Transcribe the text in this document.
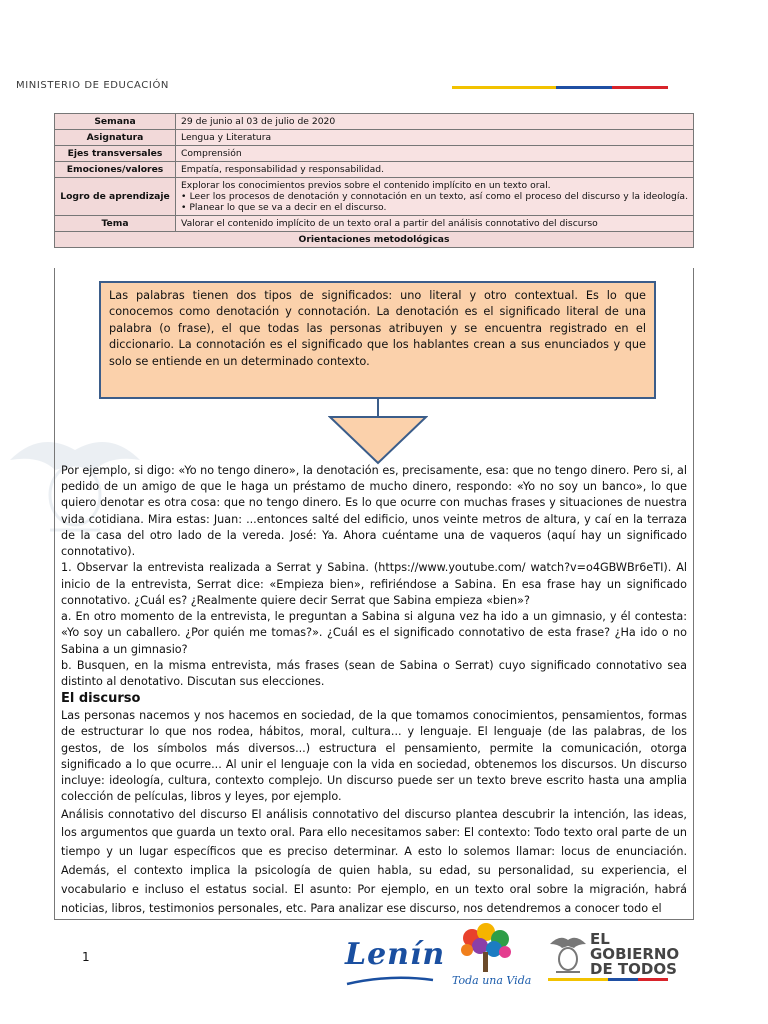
MINISTERIO DE EDUCACIÓN
Semana	29 de junio al 03 de julio de 2020
Asignatura	Lengua y Literatura
Ejes transversales	Comprensión
Emociones/valores	Empatía, responsabilidad y responsabilidad.
Logro de aprendizaje	Explorar los conocimientos previos sobre el contenido implícito en un texto oral.
• Leer los procesos de denotación y connotación en un texto, así como el proceso del discurso y la ideología. • Planear lo que se va a decir en el discurso.

Tema	Valorar el contenido implícito de un texto oral a partir del análisis connotativo del discurso
Orientaciones metodológicas	
Las palabras tienen dos tipos de significados: uno literal y otro contextual. Es lo que conocemos como denotación y connotación. La denotación es el significado literal de una palabra (o frase), el que todas las personas atribuyen y se encuentra registrado en el diccionario. La connotación es el significado que los hablantes crean a sus enunciados y que solo se entiende en un determinado contexto.

Por ejemplo, si digo: «Yo no tengo dinero», la denotación es, precisamente, esa: que no tengo dinero. Pero si, al pedido de un amigo de que le haga un préstamo de mucho dinero, respondo: «Yo no soy un banco», lo que quiero denotar es otra cosa: que no tengo dinero. Es lo que ocurre con muchas frases y situaciones de nuestra vida cotidiana. Mira estas: Juan: ...entonces salté del edificio, unos veinte metros de altura, y caí en la terraza de la casa del otro lado de la vereda. José: Ya. Ahora cuéntame una de vaqueros (aquí hay un significado connotativo).

1. Observar la entrevista realizada a Serrat y Sabina. (https://www.youtube.com/ watch?v=o4GBWBr6eTI). Al inicio de la entrevista, Serrat dice: «Empieza bien», refiriéndose a Sabina. En esa frase hay un significado connotativo. ¿Cuál es? ¿Realmente quiere decir Serrat que Sabina empieza «bien»?

a. En otro momento de la entrevista, le preguntan a Sabina si alguna vez ha ido a un gimnasio, y él contesta: «Yo soy un caballero. ¿Por quién me tomas?». ¿Cuál es el significado connotativo de esta frase? ¿Ha ido o no Sabina a un gimnasio?

b. Busquen, en la misma entrevista, más frases (sean de Sabina o Serrat) cuyo significado connotativo sea distinto al denotativo. Discutan sus elecciones.

El discurso

Las personas nacemos y nos hacemos en sociedad, de la que tomamos conocimientos, pensamientos, formas de estructurar lo que nos rodea, hábitos, moral, cultura... y lenguaje. El lenguaje (de las palabras, de los gestos, de los símbolos más diversos...) estructura el pensamiento, permite la comunicación, otorga significado a lo que ocurre... Al unir el lenguaje con la vida en sociedad, obtenemos los discursos. Un discurso incluye: ideología, cultura, contexto complejo. Un discurso puede ser un texto breve escrito hasta una amplia colección de películas, libros y leyes, por ejemplo.

Análisis connotativo del discurso El análisis connotativo del discurso plantea descubrir la intención, las ideas, los argumentos que guarda un texto oral. Para ello necesitamos saber: El contexto: Todo texto oral parte de un tiempo y un lugar específicos que es preciso determinar. A esto lo solemos llamar: locus de enunciación. Además, el contexto implica la psicología de quien habla, su edad, su personalidad, su experiencia, el vocabulario e incluso el estatus social. El asunto: Por ejemplo, en un texto oral sobre la migración, habrá noticias, libros, testimonios personales, etc. Para analizar ese discurso, nos detendremos a conocer todo el

1	Lenín
Toda una Vida
EL
GOBIERNO
DE TODOS
